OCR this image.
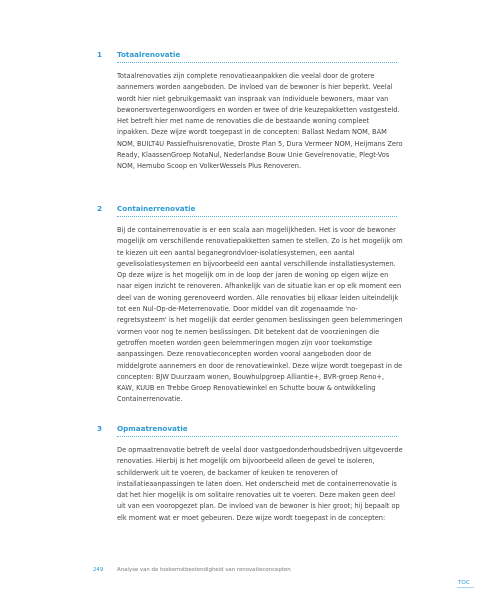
1 Totaalrenovatie

Totaalrenovaties zijn complete renovatieaanpakken die veelal door de grotere aannemers worden aangeboden. De invloed van de bewoner is hier beperkt. Veelal wordt hier niet gebruikgemaakt van inspraak van individuele bewoners, maar van bewonersvertegenwoordigers en worden er twee of drie keuzepakketten vastgesteld. Het betreft hier met name de renovaties die de bestaande woning compleet inpakken. Deze wijze wordt toegepast in de concepten: Ballast Nedam NOM, BAM NOM, BUILT4U Passiefhuisrenovatie, Droste Plan 5, Dura Vermeer NOM, Heijmans Zero Ready, KlaassenGroep NotaNul, Nederlandse Bouw Unie Gevelrenovatie, Plegt-Vos NOM, Hemubo Scoop en VolkerWessels Plus Renoveren.

2 Containerrenovatie

Bij de containerrenovatie is er een scala aan mogelijkheden. Het is voor de bewoner mogelijk om verschillende renovatiepakketten samen te stellen. Zo is het mogelijk om te kiezen uit een aantal beganegrondvloer-isolatiesystemen, een aantal gevelisolatiesystemen en bijvoorbeeld een aantal verschillende installatiesystemen. Op deze wijze is het mogelijk om in de loop der jaren de woning op eigen wijze en naar eigen inzicht te renoveren. Afhankelijk van de situatie kan er op elk moment een deel van de woning gerenoveerd worden. Alle renovaties bij elkaar leiden uiteindelijk tot een Nul-Op-de-Meterrenovatie. Door middel van dit zogenaamde 'no-regretsysteem' is het mogelijk dat eerder genomen beslissingen geen belemmeringen vormen voor nog te nemen beslissingen. Dit betekent dat de voorzieningen die getroffen moeten worden geen belemmeringen mogen zijn voor toekomstige aanpassingen. Deze renovatieconcepten worden vooral aangeboden door de middelgrote aannemers en door de renovatiewinkel. Deze wijze wordt toegepast in de concepten: BJW Duurzaam wonen, Bouwhulpgroep Alliantie+, BVR-groep Reno+, KAW, KUUB en Trebbe Groep Renovatiewinkel en Schutte bouw & ontwikkeling Containerrenovatie.

3 Opmaatrenovatie

De opmaatrenovatie betreft de veelal door vastgoedonderhoudsbedrijven uitgevoerde renovaties. Hierbij is het mogelijk om bijvoorbeeld alleen de gevel te isoleren, schilderwerk uit te voeren, de backamer of keuken te renoveren of installatieaanpassingen te laten doen. Het onderscheid met de containerrenovatie is dat het hier mogelijk is om solitaire renovaties uit te voeren. Deze maken geen deel uit van een vooropgezet plan. De invloed van de bewoner is hier groot; hij bepaalt op elk moment wat er moet gebeuren. Deze wijze wordt toegepast in de concepten:

249	Analyse van de toekomstbestendigheid van renovatieconcepten
TOC
